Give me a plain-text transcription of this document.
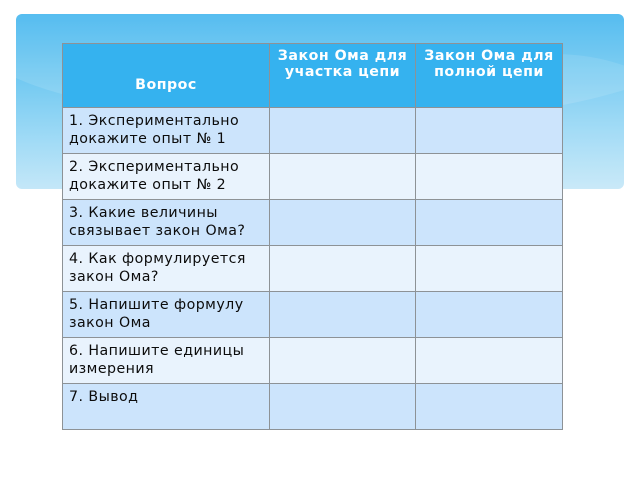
Вопрос	Закон Ома для участка цепи	Закон Ома для полной цепи

1. Экспериментально докажите опыт № 1		

2. Экспериментально докажите опыт № 2		

3. Какие величины связывает закон Ома?		

4. Как формулируется закон Ома?		

5. Напишите формулу закон Ома		

6. Напишите единицы измерения		

7. Вывод		
